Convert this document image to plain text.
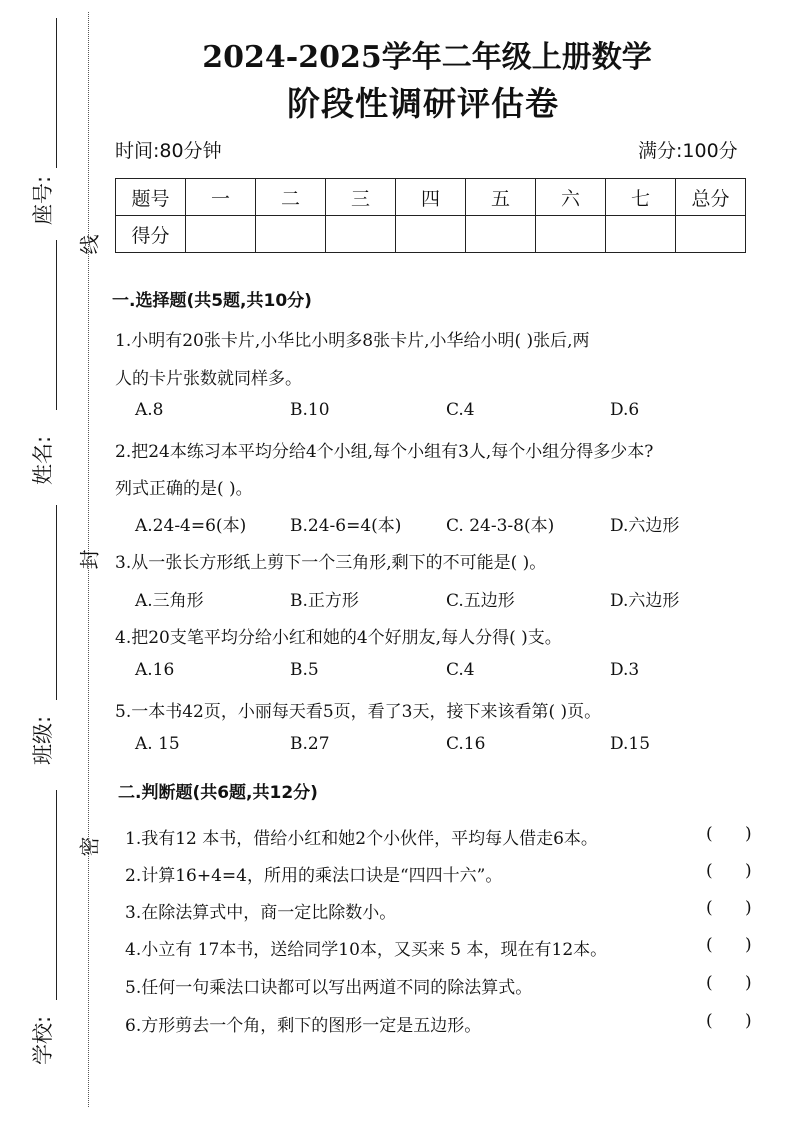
座号:
姓名:
班级:
学校:
线
封
密
2024-2025学年二年级上册数学
阶段性调研评估卷
时间:80分钟	满分:100分
题号	一	二	三	四	五	六	七	总分
得分								
一.选择题(共5题,共10分)
1.小明有20张卡片,小华比小明多8张卡片,小华给小明( )张后,两
人的卡片张数就同样多。
A.8	B.10	C.4	D.6
2.把24本练习本平均分给4个小组,每个小组有3人,每个小组分得多少本?
列式正确的是( )。
A.24-4=6(本)	B.24-6=4(本)	C. 24-3-8(本)	D.六边形
3.从一张长方形纸上剪下一个三角形,剩下的不可能是( )。
A.三角形	B.正方形	C.五边形	D.六边形
4.把20支笔平均分给小红和她的4个好朋友,每人分得( )支。
A.16	B.5	C.4	D.3
5.一本书42页，小丽每天看5页，看了3天，接下来该看第( )页。
A. 15	B.27	C.16	D.15
二.判断题(共6题,共12分)
1.我有12 本书，借给小红和她2个小伙伴，平均每人借走6本。	(      )
2.计算16+4=4，所用的乘法口诀是“四四十六”。	(      )
3.在除法算式中，商一定比除数小。	(      )
4.小立有 17本书，送给同学10本，又买来 5 本，现在有12本。	(      )
5.任何一句乘法口诀都可以写出两道不同的除法算式。	(      )
6.方形剪去一个角，剩下的图形一定是五边形。	(      )
